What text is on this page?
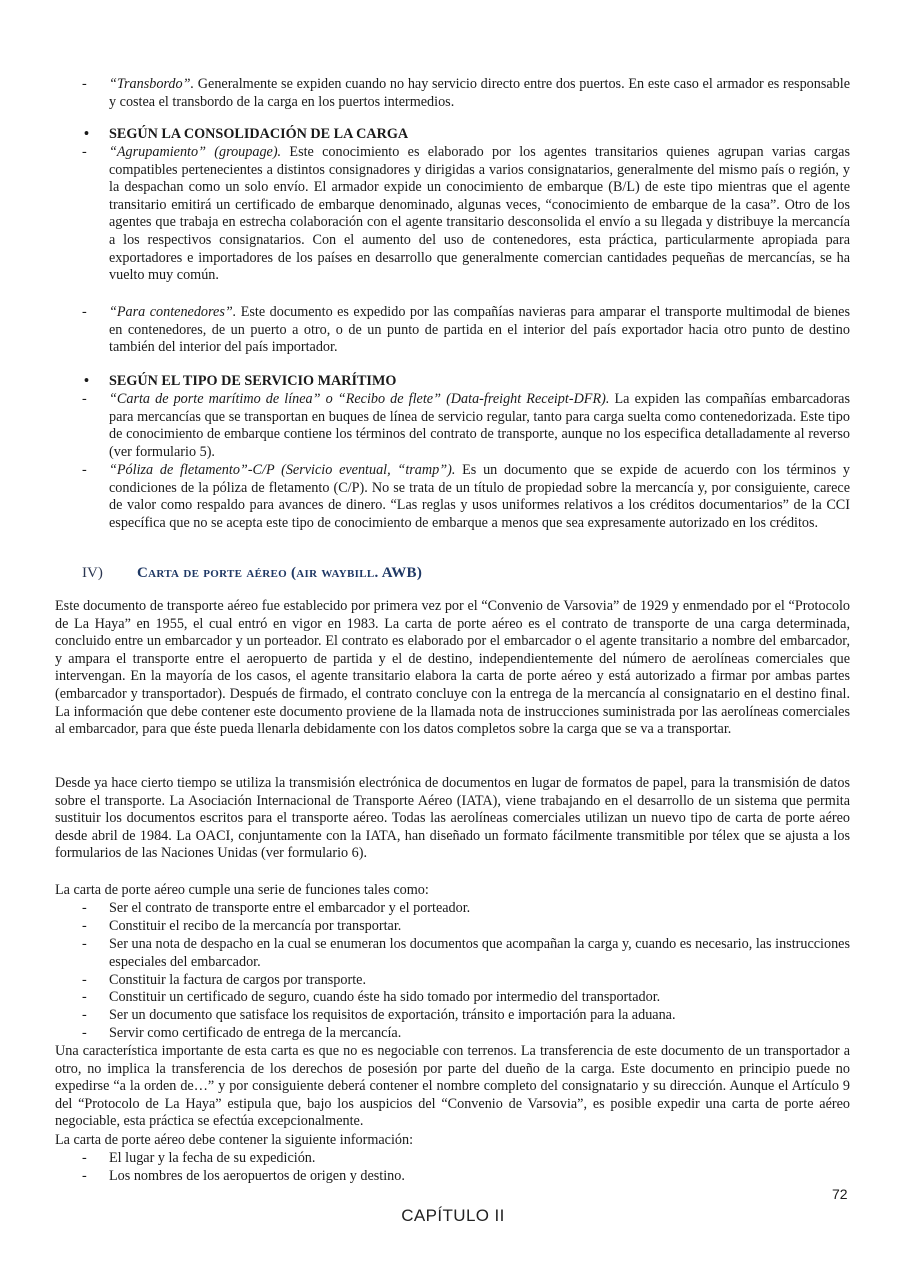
-	“Transbordo”. Generalmente se expiden cuando no hay servicio directo entre dos puertos. En este caso el armador es responsable y costea el transbordo de la carga en los puertos intermedios.
• SEGÚN LA CONSOLIDACIÓN DE LA CARGA
-	“Agrupamiento” (groupage). Este conocimiento es elaborado por los agentes transitarios quienes agrupan varias cargas compatibles pertenecientes a distintos consignadores y dirigidas a varios consignatarios, generalmente del mismo país o región, y la despachan como un solo envío. El armador expide un conocimiento de embarque (B/L) de este tipo mientras que el agente transitario emitirá un certificado de embarque denominado, algunas veces, “conocimiento de embarque de la casa”. Otro de los agentes que trabaja en estrecha colaboración con el agente transitario desconsolida el envío a su llegada y distribuye la mercancía a los respectivos consignatarios. Con el aumento del uso de contenedores, esta práctica, particularmente apropiada para exportadores e importadores de los países en desarrollo que generalmente comercian cantidades pequeñas de mercancías, se ha vuelto muy común.
-	“Para contenedores”. Este documento es expedido por las compañías navieras para amparar el transporte multimodal de bienes en contenedores, de un puerto a otro, o de un punto de partida en el interior del país exportador hacia otro punto de destino también del interior del país importador.
• SEGÚN EL TIPO DE SERVICIO MARÍTIMO
-	“Carta de porte marítimo de línea” o “Recibo de flete” (Data-freight Receipt-DFR). La expiden las compañías embarcadoras para mercancías que se transportan en buques de línea de servicio regular, tanto para carga suelta como contenedorizada. Este tipo de conocimiento de embarque contiene los términos del contrato de transporte, aunque no los especifica detalladamente al reverso (ver formulario 5).
-	“Póliza de fletamento”-C/P (Servicio eventual, “tramp”). Es un documento que se expide de acuerdo con los términos y condiciones de la póliza de fletamento (C/P). No se trata de un título de propiedad sobre la mercancía y, por consiguiente, carece de valor como respaldo para avances de dinero. “Las reglas y usos uniformes relativos a los créditos documentarios” de la CCI específica que no se acepta este tipo de conocimiento de embarque a menos que sea expresamente autorizado en los créditos.
IV) Carta de porte aéreo (air waybill. AWB)

Este documento de transporte aéreo fue establecido por primera vez por el “Convenio de Varsovia” de 1929 y enmendado por el “Protocolo de La Haya” en 1955, el cual entró en vigor en 1983. La carta de porte aéreo es el contrato de transporte de una carga determinada, concluido entre un embarcador y un porteador. El contrato es elaborado por el embarcador o el agente transitario a nombre del embarcador, y ampara el transporte entre el aeropuerto de partida y el de destino, independientemente del número de aerolíneas comerciales que intervengan. En la mayoría de los casos, el agente transitario elabora la carta de porte aéreo y está autorizado a firmar por ambas partes (embarcador y transportador). Después de firmado, el contrato concluye con la entrega de la mercancía al consignatario en el destino final. La información que debe contener este documento proviene de la llamada nota de instrucciones suministrada por las aerolíneas comerciales al embarcador, para que éste pueda llenarla debidamente con los datos completos sobre la carga que se va a transportar.

Desde ya hace cierto tiempo se utiliza la transmisión electrónica de documentos en lugar de formatos de papel, para la transmisión de datos sobre el transporte. La Asociación Internacional de Transporte Aéreo (IATA), viene trabajando en el desarrollo de un sistema que permita sustituir los documentos escritos para el transporte aéreo. Todas las aerolíneas comerciales utilizan un nuevo tipo de carta de porte aéreo desde abril de 1984. La OACI, conjuntamente con la IATA, han diseñado un formato fácilmente transmitible por télex que se ajusta a los formularios de las Naciones Unidas (ver formulario 6).

La carta de porte aéreo cumple una serie de funciones tales como:

- Ser el contrato de transporte entre el embarcador y el porteador.
- Constituir el recibo de la mercancía por transportar.
- Ser una nota de despacho en la cual se enumeran los documentos que acompañan la carga y, cuando es necesario, las instrucciones especiales del embarcador.
- Constituir la factura de cargos por transporte.
- Constituir un certificado de seguro, cuando éste ha sido tomado por intermedio del transportador.
- Ser un documento que satisface los requisitos de exportación, tránsito e importación para la aduana.
- Servir como certificado de entrega de la mercancía.

Una característica importante de esta carta es que no es negociable con terrenos. La transferencia de este documento de un transportador a otro, no implica la transferencia de los derechos de posesión por parte del dueño de la carga. Este documento en principio puede no expedirse “a la orden de…” y por consiguiente deberá contener el nombre completo del consignatario y su dirección. Aunque el Artículo 9 del “Protocolo de La Haya” estipula que, bajo los auspicios del “Convenio de Varsovia”, es posible expedir una carta de porte aéreo negociable, esta práctica se efectúa excepcionalmente.

La carta de porte aéreo debe contener la siguiente información:

- El lugar y la fecha de su expedición.
- Los nombres de los aeropuertos de origen y destino.
72
CAPÍTULO II
